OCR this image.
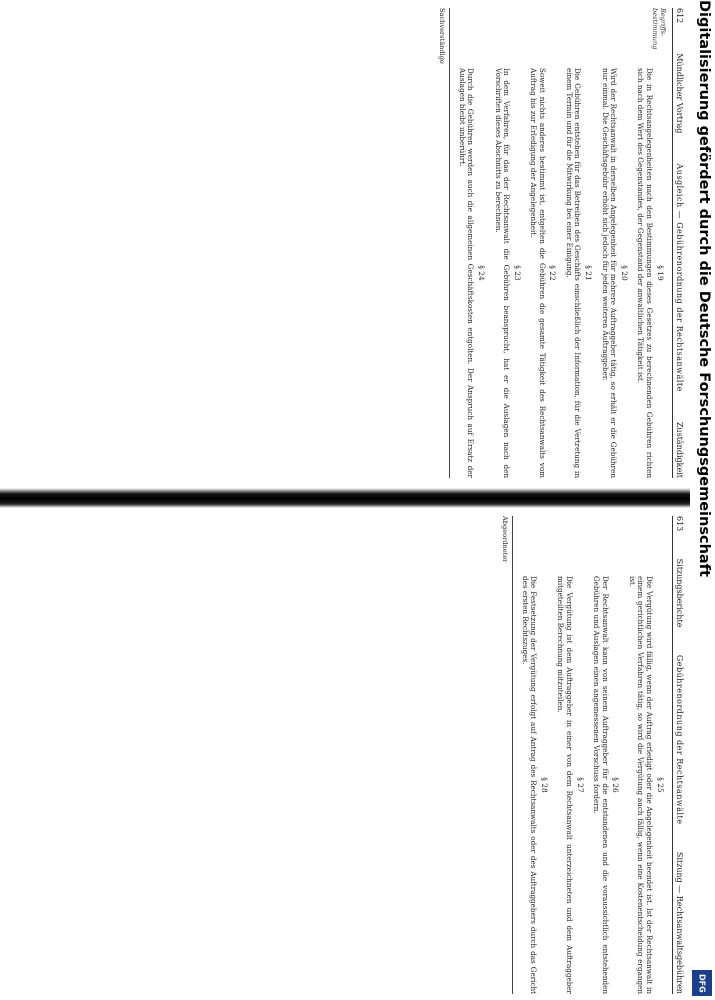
612
Mündlicher Vortrag
Ausgleich — Gebührenordnung der Rechtsanwälte
Zuständigkeit
Begriffs- bestimmung
§ 19

Die in Rechtsangelegenheiten nach den Bestimmungen dieses Gesetzes zu berechnenden Gebühren richten sich nach dem Wert des Gegenstandes, der Gegenstand der anwaltlichen Tätigkeit ist.

§ 20

Wird der Rechtsanwalt in derselben Angelegenheit für mehrere Auftraggeber tätig, so erhält er die Gebühren nur einmal. Die Geschäftsgebühr erhöht sich jedoch für jeden weiteren Auftraggeber.

§ 21

Die Gebühren entstehen für das Betreiben des Geschäfts einschließlich der Information, für die Vertretung in einem Termin und für die Mitwirkung bei einer Einigung.

§ 22

Soweit nichts anderes bestimmt ist, entgelten die Gebühren die gesamte Tätigkeit des Rechtsanwalts vom Auftrag bis zur Erledigung der Angelegenheit.

§ 23

In dem Verfahren, für das der Rechtsanwalt die Gebühren beansprucht, hat er die Auslagen nach den Vorschriften dieses Abschnitts zu berechnen.

§ 24

Durch die Gebühren werden auch die allgemeinen Geschäftskosten entgolten. Der Anspruch auf Ersatz der Auslagen bleibt unberührt.

Sachverständige
613
Sitzungsberichte
Gebührenordnung der Rechtsanwälte
Sitzung — Rechtsanwaltsgebühren
§ 25

Die Vergütung wird fällig, wenn der Auftrag erledigt oder die Angelegenheit beendet ist. Ist der Rechtsanwalt in einem gerichtlichen Verfahren tätig, so wird die Vergütung auch fällig, wenn eine Kostenentscheidung ergangen ist.

§ 26

Der Rechtsanwalt kann von seinem Auftraggeber für die entstandenen und die voraussichtlich entstehenden Gebühren und Auslagen einen angemessenen Vorschuss fordern.

§ 27

Die Vergütung ist dem Auftraggeber in einer von dem Rechtsanwalt unterzeichneten und dem Auftraggeber mitgeteilten Berechnung mitzuteilen.

§ 28

Die Festsetzung der Vergütung erfolgt auf Antrag des Rechtsanwalts oder des Auftraggebers durch das Gericht des ersten Rechtszuges.

Abgeordneter	Digitalisierung gefördert durch die Deutsche Forschungsgemeinschaft
DFG
